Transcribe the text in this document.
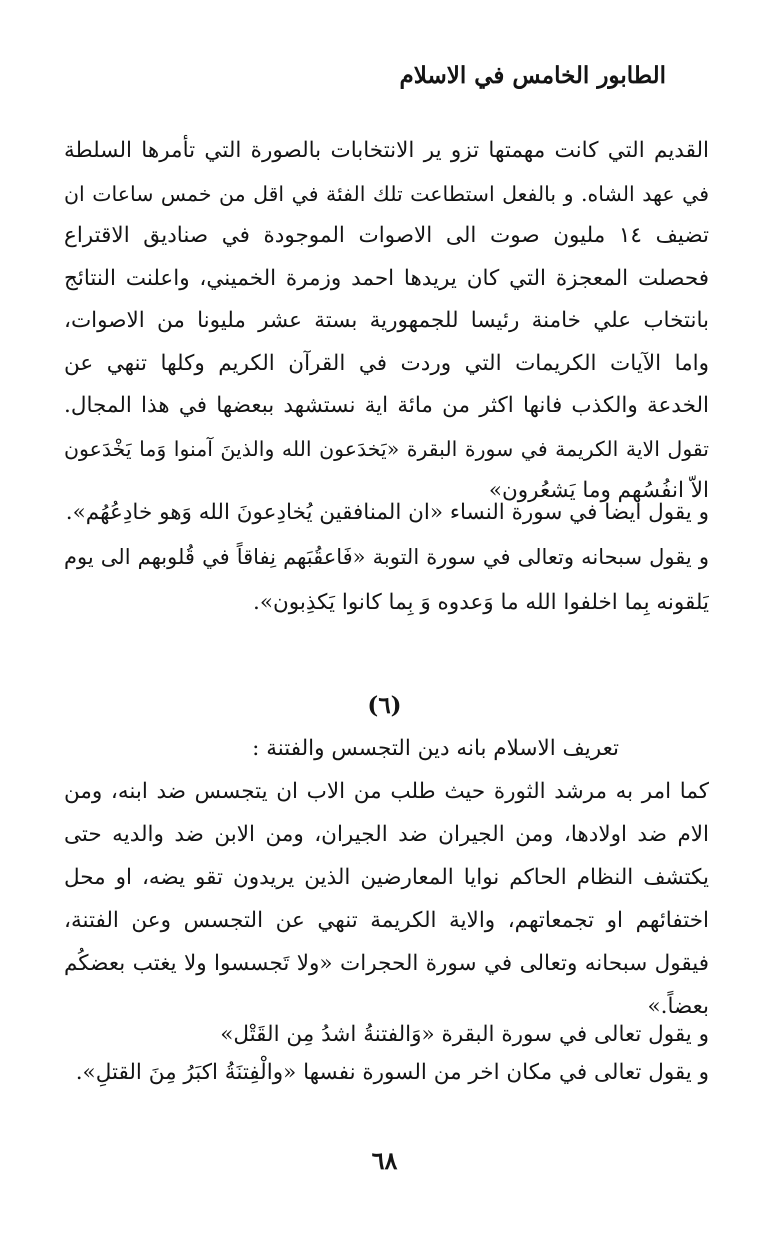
الطابور الخامس في الاسلام
القديم التي كانت مهمتها تزو ير الانتخابات بالصورة التي تأمرها السلطة
في عهد الشاه. و بالفعل استطاعت تلك الفئة في اقل من خمس ساعات ان
تضيف ١٤ مليون صوت الى الاصوات الموجودة في صناديق الاقتراع
فحصلت المعجزة التي كان يريدها احمد وزمرة الخميني، واعلنت النتائج
بانتخاب علي خامنة رئيسا للجمهورية بستة عشر مليونا من الاصوات،
واما الآيات الكريمات التي وردت في القرآن الكريم وكلها تنهي عن
الخدعة والكذب فانها اكثر من مائة اية نستشهد ببعضها في هذا المجال.
تقول الاية الكريمة في سورة البقرة «يَخدَعون الله والذينَ آمنوا وَما يَخْدَعون
الاّ انفُسُهم وما يَشعُرون»
و يقول ايضا في سورة النساء «ان المنافقين يُخادِعونَ الله وَهو خادِعُهُم».
و يقول سبحانه وتعالى في سورة التوبة «فَاعقُبَهم نِفاقاً في قُلوبهم الى يوم
يَلقونه بِما اخلفوا الله ما وَعدوه وَ بِما كانوا يَكذِبون».
(٦)
تعريف الاسلام بانه دين التجسس والفتنة :
كما امر به مرشد الثورة حيث طلب من الاب ان يتجسس ضد ابنه، ومن
الام ضد اولادها، ومن الجيران ضد الجيران، ومن الابن ضد والديه حتى
يكتشف النظام الحاكم نوايا المعارضين الذين يريدون تقو يضه، او محل
اختفائهم او تجمعاتهم، والاية الكريمة تنهي عن التجسس وعن الفتنة،
فيقول سبحانه وتعالى في سورة الحجرات «ولا تَجسسوا ولا يغتب بعضكُم
بعضاً.»
و يقول تعالى في سورة البقرة «وَالفتنةُ اشدُ مِن القَتْل»
و يقول تعالى في مكان اخر من السورة نفسها «والْفِتنَةُ اكبَرُ مِنَ القتلِ».
٦٨
